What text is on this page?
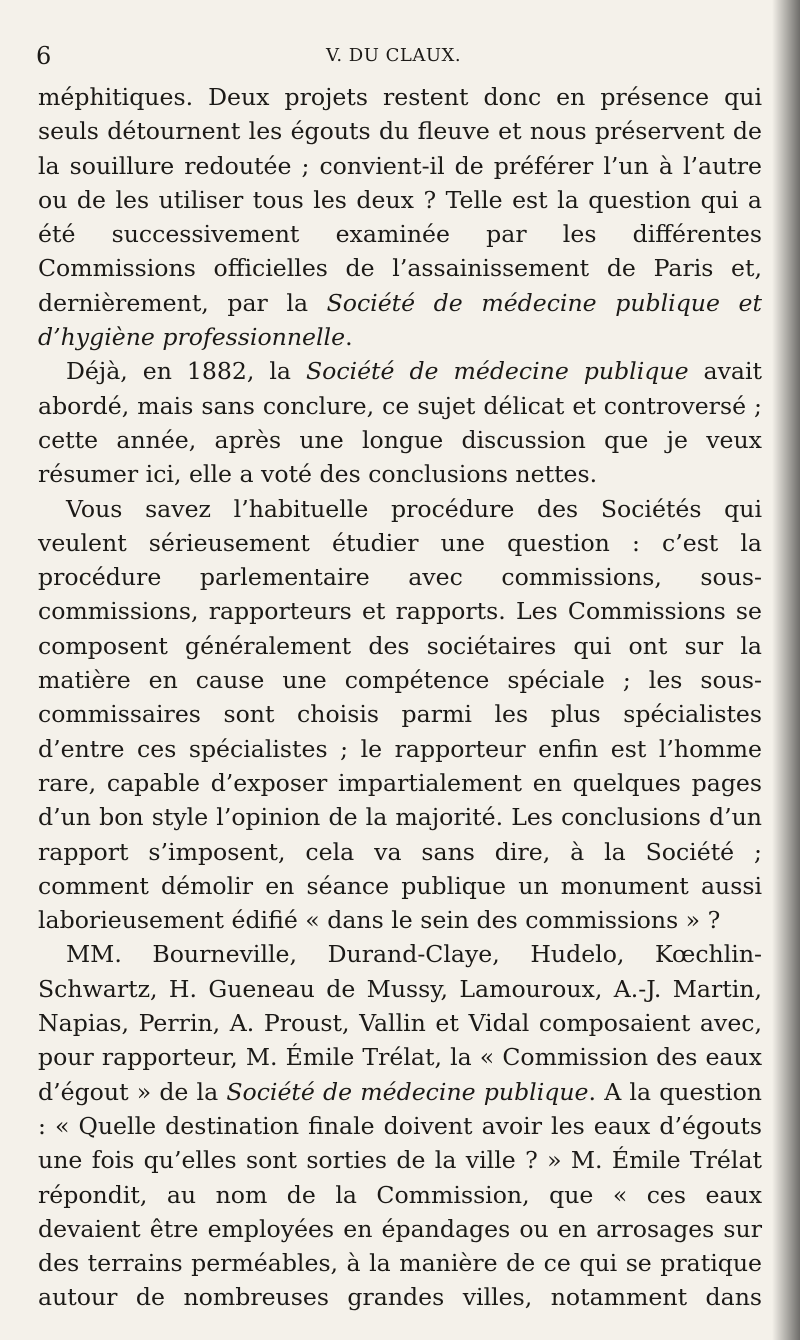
6	V. DU CLAUX.

méphitiques. Deux projets restent donc en présence qui seuls détournent les égouts du fleuve et nous préservent de la souillure redoutée ; convient-il de préférer l’un à l’autre ou de les utiliser tous les deux ? Telle est la question qui a été successivement examinée par les différentes Commissions officielles de l’assainissement de Paris et, dernièrement, par la Société de médecine publique et d’hygiène professionnelle.

Déjà, en 1882, la Société de médecine publique avait abordé, mais sans conclure, ce sujet délicat et controversé ; cette année, après une longue discussion que je veux résumer ici, elle a voté des conclusions nettes.

Vous savez l’habituelle procédure des Sociétés qui veulent sérieusement étudier une question : c’est la procédure parlementaire avec commissions, sous-commissions, rapporteurs et rapports. Les Commissions se composent généralement des sociétaires qui ont sur la matière en cause une compétence spéciale ; les sous-commissaires sont choisis parmi les plus spécialistes d’entre ces spécialistes ; le rapporteur enfin est l’homme rare, capable d’exposer impartialement en quelques pages d’un bon style l’opinion de la majorité. Les conclusions d’un rapport s’imposent, cela va sans dire, à la Société ; comment démolir en séance publique un monument aussi laborieusement édifié « dans le sein des commissions » ?

MM. Bourneville, Durand-Claye, Hudelo, Kœchlin-Schwartz, H. Gueneau de Mussy, Lamouroux, A.-J. Martin, Napias, Perrin, A. Proust, Vallin et Vidal composaient avec, pour rapporteur, M. Émile Trélat, la « Commission des eaux d’égout » de la Société de médecine publique. A la question : « Quelle destination finale doivent avoir les eaux d’égouts une fois qu’elles sont sorties de la ville ? » M. Émile Trélat répondit, au nom de la Commission, que « ces eaux devaient être employées en épandages ou en arrosages sur des terrains perméables, à la manière de ce qui se pratique autour de nombreuses grandes villes, notamment dans
